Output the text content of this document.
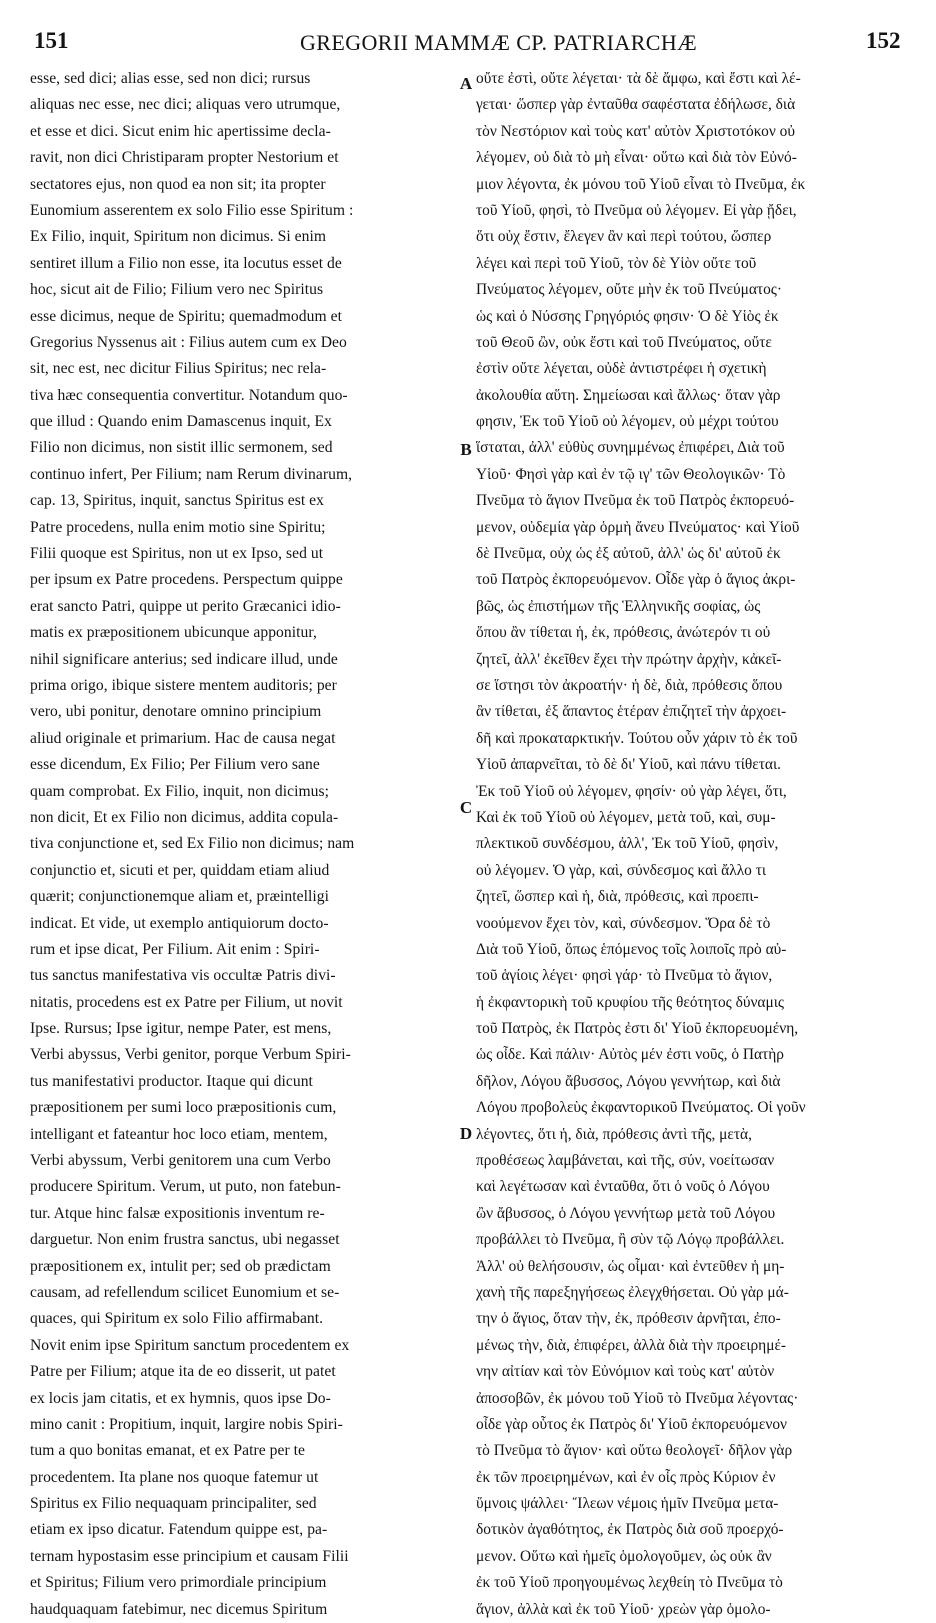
151	GREGORII MAMMÆ CP. PATRIARCHÆ	152
esse, sed dici; alias esse, sed non dici; rursus
aliquas nec esse, nec dici; aliquas vero utrumque,
et esse et dici. Sicut enim hic apertissime decla-
ravit, non dici Christiparam propter Nestorium et
sectatores ejus, non quod ea non sit; ita propter
Eunomium asserentem ex solo Filio esse Spiritum :
Ex Filio, inquit, Spiritum non dicimus. Si enim
sentiret illum a Filio non esse, ita locutus esset de
hoc, sicut ait de Filio; Filium vero nec Spiritus
esse dicimus, neque de Spiritu; quemadmodum et
Gregorius Nyssenus ait : Filius autem cum ex Deo
sit, nec est, nec dicitur Filius Spiritus; nec rela-
tiva hæc consequentia convertitur. Notandum quo-
que illud : Quando enim Damascenus inquit, Ex
Filio non dicimus, non sistit illic sermonem, sed
continuo infert, Per Filium; nam Rerum divinarum,
cap. 13, Spiritus, inquit, sanctus Spiritus est ex
Patre procedens, nulla enim motio sine Spiritu;
Filii quoque est Spiritus, non ut ex Ipso, sed ut
per ipsum ex Patre procedens. Perspectum quippe
erat sancto Patri, quippe ut perito Græcanici idio-
matis ex præpositionem ubicunque apponitur,
nihil significare anterius; sed indicare illud, unde
prima origo, ibique sistere mentem auditoris; per
vero, ubi ponitur, denotare omnino principium
aliud originale et primarium. Hac de causa negat
esse dicendum, Ex Filio; Per Filium vero sane
quam comprobat. Ex Filio, inquit, non dicimus;
non dicit, Et ex Filio non dicimus, addita copula-
tiva conjunctione et, sed Ex Filio non dicimus; nam
conjunctio et, sicuti et per, quiddam etiam aliud
quærit; conjunctionemque aliam et, præintelligi
indicat. Et vide, ut exemplo antiquiorum docto-
rum et ipse dicat, Per Filium. Ait enim : Spiri-
tus sanctus manifestativa vis occultæ Patris divi-
nitatis, procedens est ex Patre per Filium, ut novit
Ipse. Rursus; Ipse igitur, nempe Pater, est mens,
Verbi abyssus, Verbi genitor, porque Verbum Spiri-
tus manifestativi productor. Itaque qui dicunt
præpositionem per sumi loco præpositionis cum,
intelligant et fateantur hoc loco etiam, mentem,
Verbi abyssum, Verbi genitorem una cum Verbo
producere Spiritum. Verum, ut puto, non fatebun-
tur. Atque hinc falsæ expositionis inventum re-
darguetur. Non enim frustra sanctus, ubi negasset
præpositionem ex, intulit per; sed ob prædictam
causam, ad refellendum scilicet Eunomium et se-
quaces, qui Spiritum ex solo Filio affirmabant.
Novit enim ipse Spiritum sanctum procedentem ex
Patre per Filium; atque ita de eo disserit, ut patet
ex locis jam citatis, et ex hymnis, quos ipse Do-
mino canit : Propitium, inquit, largire nobis Spiri-
tum a quo bonitas emanat, et ex Patre per te
procedentem. Ita plane nos quoque fatemur ut
Spiritus ex Filio nequaquam principaliter, sed
etiam ex ipso dicatur. Fatendum quippe est, pa-
ternam hypostasim esse principium et causam Filii
et Spiritus; Filium vero primordiale principium
haudquaquam fatebimur, nec dicemus Spiritum
A
B
C
D
οὔτε ἐστὶ, οὔτε λέγεται· τὰ δὲ ἄμφω, καὶ ἔστι καὶ λέ-
γεται· ὥσπερ γὰρ ἐνταῦθα σαφέστατα ἐδήλωσε, διὰ
τὸν Νεστόριον καὶ τοὺς κατ' αὐτὸν Χριστοτόκον οὐ
λέγομεν, οὐ διὰ τὸ μὴ εἶναι· οὕτω καὶ διὰ τὸν Εὐνό-
μιον λέγοντα, ἐκ μόνου τοῦ Υἱοῦ εἶναι τὸ Πνεῦμα, ἐκ
τοῦ Υἱοῦ, φησὶ, τὸ Πνεῦμα οὐ λέγομεν. Εἰ γὰρ ᾔδει,
ὅτι οὐχ ἔστιν, ἔλεγεν ἂν καὶ περὶ τούτου, ὥσπερ
λέγει καὶ περὶ τοῦ Υἱοῦ, τὸν δὲ Υἱὸν οὔτε τοῦ
Πνεύματος λέγομεν, οὔτε μὴν ἐκ τοῦ Πνεύματος·
ὡς καὶ ὁ Νύσσης Γρηγόριός φησιν· Ὁ δὲ Υἱὸς ἐκ
τοῦ Θεοῦ ὢν, οὐκ ἔστι καὶ τοῦ Πνεύματος, οὔτε
ἐστὶν οὔτε λέγεται, οὐδὲ ἀντιστρέφει ἡ σχετικὴ
ἀκολουθία αὕτη. Σημείωσαι καὶ ἄλλως· ὅταν γὰρ
φησιν, Ἐκ τοῦ Υἱοῦ οὐ λέγομεν, οὐ μέχρι τούτου
ἵσταται, ἀλλ' εὐθὺς συνημμένως ἐπιφέρει, Διὰ τοῦ
Υἱοῦ· Φησὶ γὰρ καὶ ἐν τῷ ιγ' τῶν Θεολογικῶν· Τὸ
Πνεῦμα τὸ ἅγιον Πνεῦμα ἐκ τοῦ Πατρὸς ἐκπορευό-
μενον, οὐδεμία γὰρ ὁρμὴ ἄνευ Πνεύματος· καὶ Υἱοῦ
δὲ Πνεῦμα, οὐχ ὡς ἐξ αὐτοῦ, ἀλλ' ὡς δι' αὐτοῦ ἐκ
τοῦ Πατρὸς ἐκπορευόμενον. Οἶδε γὰρ ὁ ἅγιος ἀκρι-
βῶς, ὡς ἐπιστήμων τῆς Ἑλληνικῆς σοφίας, ὡς
ὅπου ἂν τίθεται ἡ, ἐκ, πρόθεσις, ἀνώτερόν τι οὐ
ζητεῖ, ἀλλ' ἐκεῖθεν ἔχει τὴν πρώτην ἀρχὴν, κἀκεῖ-
σε ἵστησι τὸν ἀκροατήν· ἡ δὲ, διὰ, πρόθεσις ὅπου
ἂν τίθεται, ἐξ ἅπαντος ἑτέραν ἐπιζητεῖ τὴν ἀρχοει-
δῆ καὶ προκαταρκτικήν. Τούτου οὖν χάριν τὸ ἐκ τοῦ
Υἱοῦ ἀπαρνεῖται, τὸ δὲ δι' Υἱοῦ, καὶ πάνυ τίθεται.
Ἐκ τοῦ Υἱοῦ οὐ λέγομεν, φησίν· οὐ γὰρ λέγει, ὅτι,
Καὶ ἐκ τοῦ Υἱοῦ οὐ λέγομεν, μετὰ τοῦ, καὶ, συμ-
πλεκτικοῦ συνδέσμου, ἀλλ', Ἐκ τοῦ Υἱοῦ, φησὶν,
οὐ λέγομεν. Ὁ γὰρ, καὶ, σύνδεσμος καὶ ἄλλο τι
ζητεῖ, ὥσπερ καὶ ἡ, διὰ, πρόθεσις, καὶ προεπι-
νοούμενον ἔχει τὸν, καὶ, σύνδεσμον. Ὅρα δὲ τὸ
Διὰ τοῦ Υἱοῦ, ὅπως ἑπόμενος τοῖς λοιποῖς πρὸ αὐ-
τοῦ ἁγίοις λέγει· φησὶ γάρ· τὸ Πνεῦμα τὸ ἅγιον,
ἡ ἐκφαντορικὴ τοῦ κρυφίου τῆς θεότητος δύναμις
τοῦ Πατρὸς, ἐκ Πατρὸς ἐστι δι' Υἱοῦ ἐκπορευομένη,
ὡς οἶδε. Καὶ πάλιν· Αὐτὸς μέν ἐστι νοῦς, ὁ Πατὴρ
δῆλον, Λόγου ἄβυσσος, Λόγου γεννήτωρ, καὶ διὰ
Λόγου προβολεὺς ἐκφαντορικοῦ Πνεύματος. Οἱ γοῦν
λέγοντες, ὅτι ἡ, διὰ, πρόθεσις ἀντὶ τῆς, μετὰ,
προθέσεως λαμβάνεται, καὶ τῆς, σύν, νοείτωσαν
καὶ λεγέτωσαν καὶ ἐνταῦθα, ὅτι ὁ νοῦς ὁ Λόγου
ὢν ἄβυσσος, ὁ Λόγου γεννήτωρ μετὰ τοῦ Λόγου
προβάλλει τὸ Πνεῦμα, ἢ σὺν τῷ Λόγῳ προβάλλει.
Ἀλλ' οὐ θελήσουσιν, ὡς οἶμαι· καὶ ἐντεῦθεν ἡ μη-
χανὴ τῆς παρεξηγήσεως ἐλεγχθήσεται. Οὐ γὰρ μά-
την ὁ ἅγιος, ὅταν τὴν, ἐκ, πρόθεσιν ἀρνῆται, ἐπο-
μένως τὴν, διὰ, ἐπιφέρει, ἀλλὰ διὰ τὴν προειρημέ-
νην αἰτίαν καὶ τὸν Εὐνόμιον καὶ τοὺς κατ' αὐτὸν
ἀποσοβῶν, ἐκ μόνου τοῦ Υἱοῦ τὸ Πνεῦμα λέγοντας·
οἶδε γὰρ οὗτος ἐκ Πατρὸς δι' Υἱοῦ ἐκπορευόμενον
τὸ Πνεῦμα τὸ ἅγιον· καὶ οὕτω θεολογεῖ· δῆλον γὰρ
ἐκ τῶν προειρημένων, καὶ ἐν οἷς πρὸς Κύριον ἐν
ὕμνοις ψάλλει· Ἵλεων νέμοις ἡμῖν Πνεῦμα μετα-
δοτικὸν ἀγαθότητος, ἐκ Πατρὸς διὰ σοῦ προερχό-
μενον. Οὕτω καὶ ἡμεῖς ὁμολογοῦμεν, ὡς οὐκ ἂν
ἐκ τοῦ Υἱοῦ προηγουμένως λεχθείη τὸ Πνεῦμα τὸ
ἅγιον, ἀλλὰ καὶ ἐκ τοῦ Υἱοῦ· χρεὼν γὰρ ὁμολο-
